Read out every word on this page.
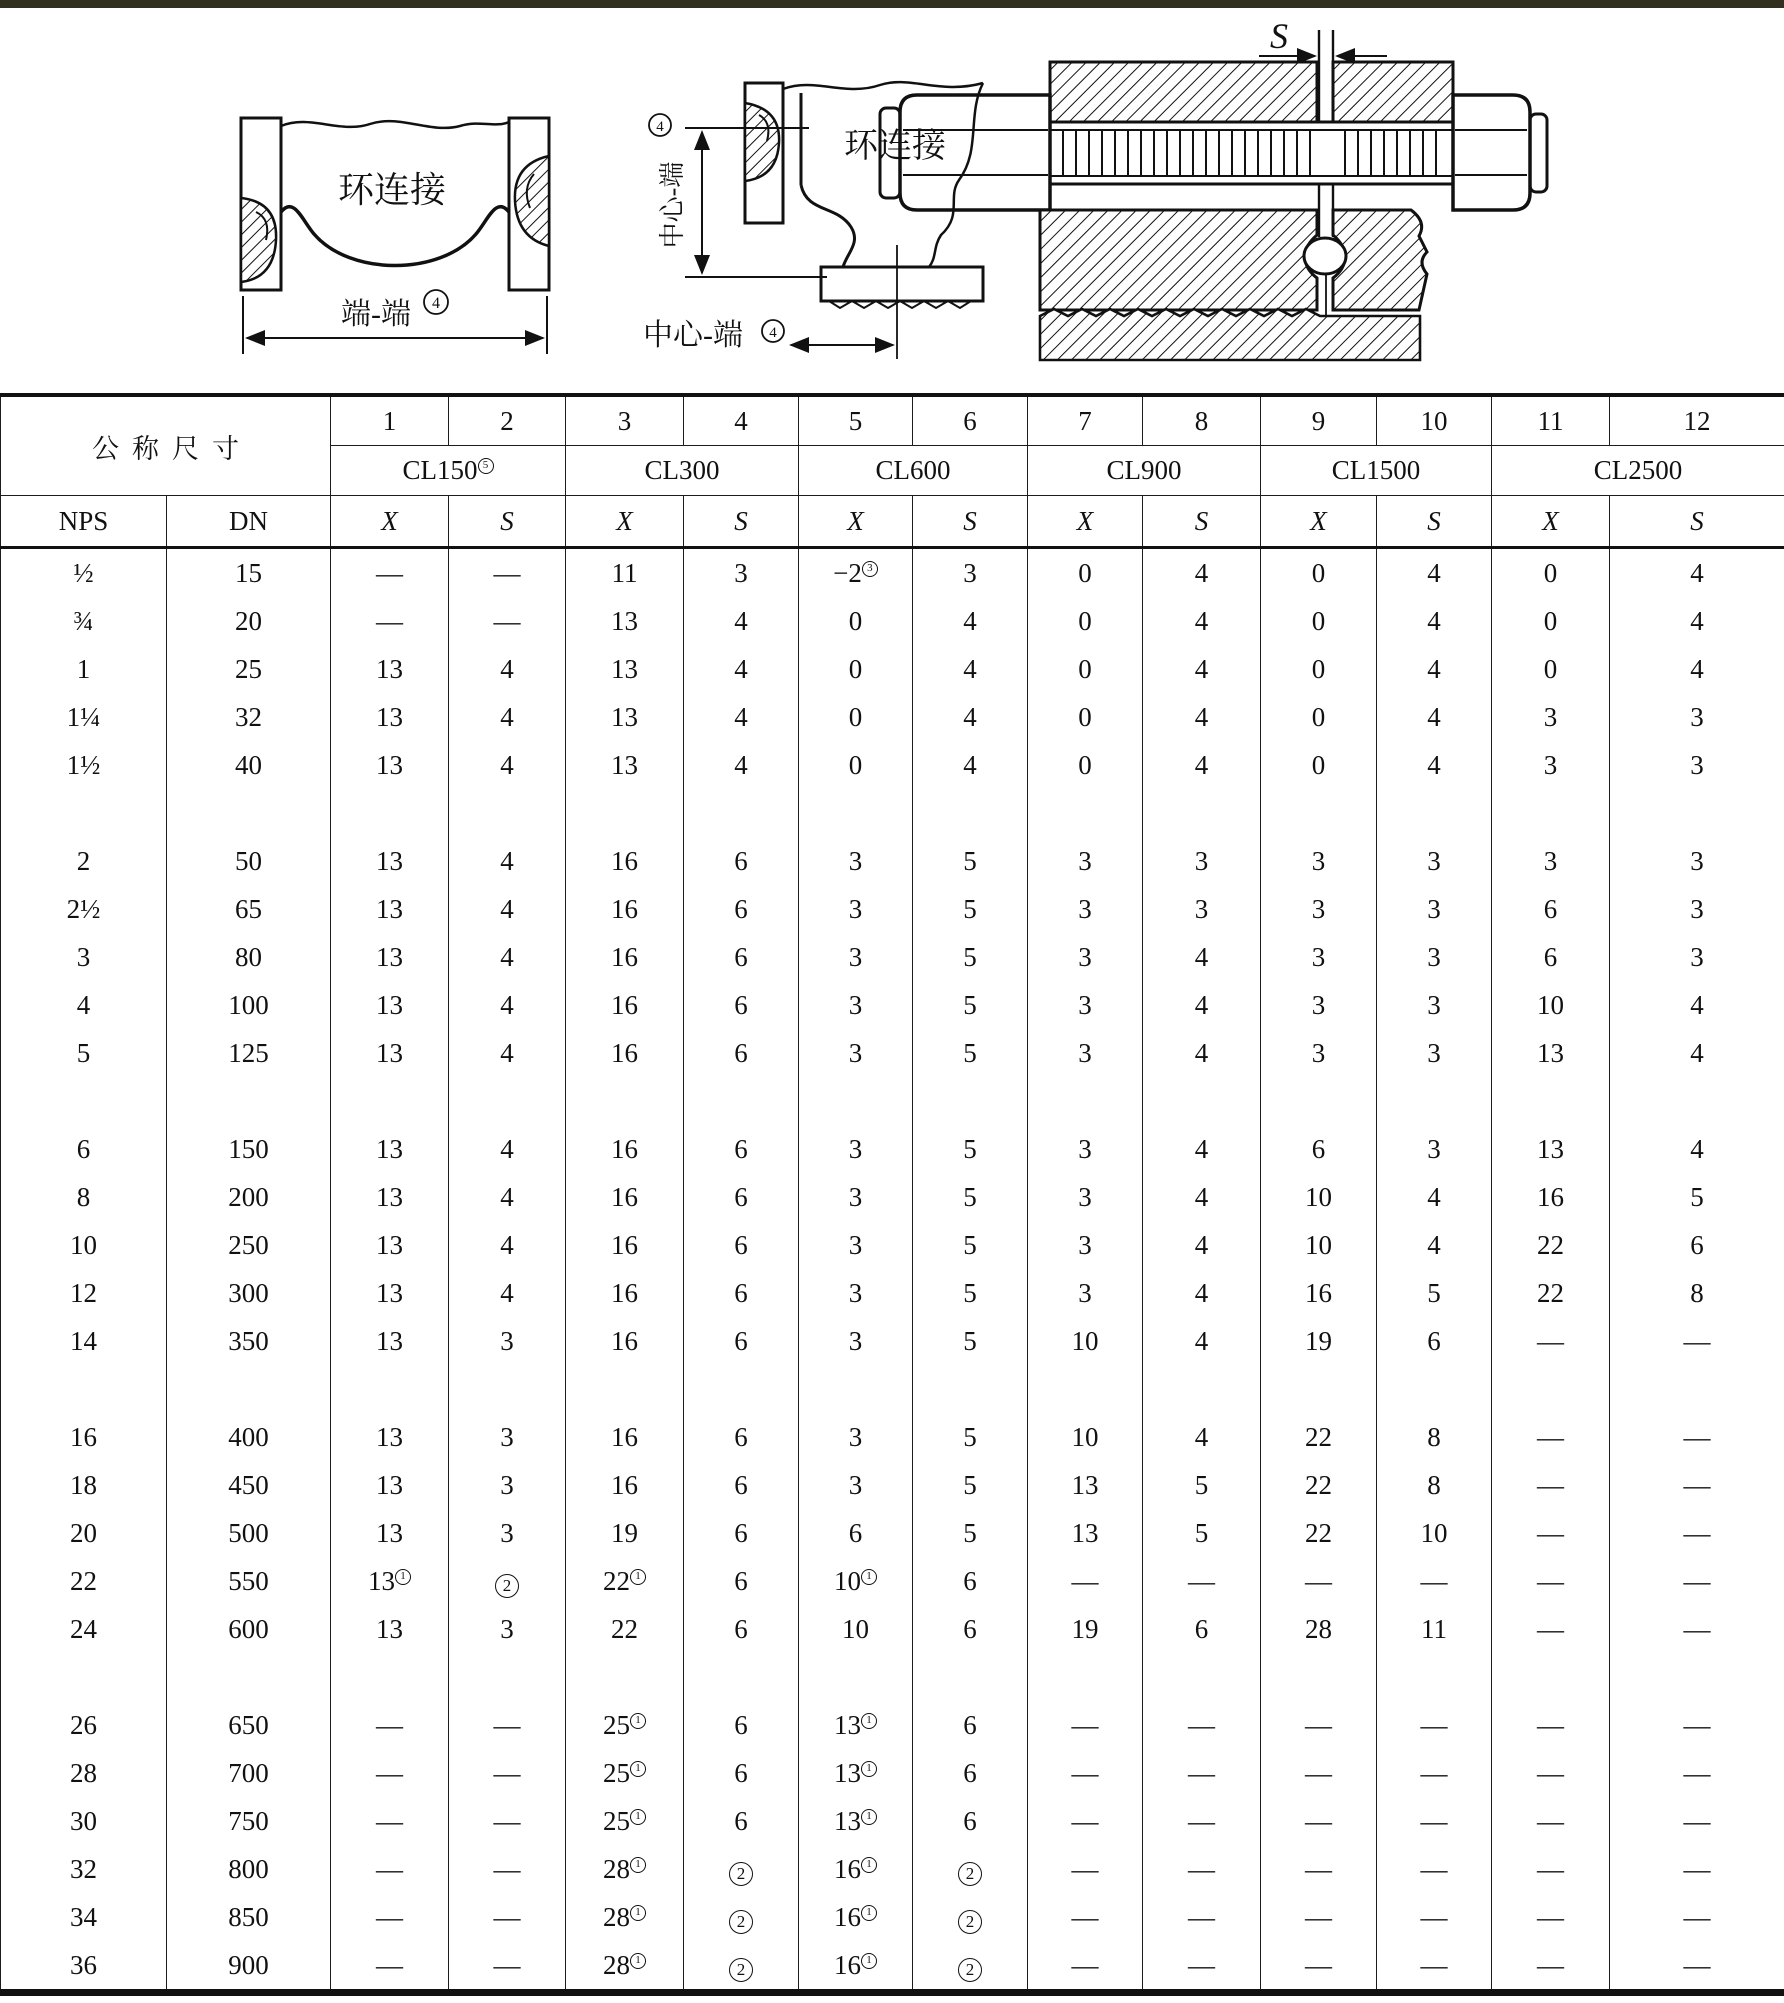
环连接
端-端 4
环连接
4
中心-端
中心-端 4
S
公称尺寸		1	2	3	4	5	6	7	8	9	10	11	12
		CL150 $^5$		CL300		CL600		CL900		CL1500		CL2500	
NPS	DN	X	S	X	S	X	S	X	S	X	S	X	S
½	15	—	—	11	3	−2 $^3$	3	0	4	0	4	0	4
¾	20	—	—	13	4	0	4	0	4	0	4	0	4
1	25	13	4	13	4	0	4	0	4	0	4	0	4
1¼	32	13	4	13	4	0	4	0	4	0	4	3	3
1½	40	13	4	13	4	0	4	0	4	0	4	3	3

2	50	13	4	16	6	3	5	3	3	3	3	3	3
2½	65	13	4	16	6	3	5	3	3	3	3	6	3
3	80	13	4	16	6	3	5	3	4	3	3	6	3
4	100	13	4	16	6	3	5	3	4	3	3	10	4
5	125	13	4	16	6	3	5	3	4	3	3	13	4

6	150	13	4	16	6	3	5	3	4	6	3	13	4
8	200	13	4	16	6	3	5	3	4	10	4	16	5
10	250	13	4	16	6	3	5	3	4	10	4	22	6
12	300	13	4	16	6	3	5	3	4	16	5	22	8
14	350	13	3	16	6	3	5	10	4	19	6	—	—

16	400	13	3	16	6	3	5	10	4	22	8	—	—
18	450	13	3	16	6	3	5	13	5	22	8	—	—
20	500	13	3	19	6	6	5	13	5	22	10	—	—
22	550	13 $^1$	2	22 $^1$	6	10 $^1$	6	—	—	—	—	—	—
24	600	13	3	22	6	10	6	19	6	28	11	—	—

26	650	—	—	25 $^1$	6	13 $^1$	6	—	—	—	—	—	—
28	700	—	—	25 $^1$	6	13 $^1$	6	—	—	—	—	—	—
30	750	—	—	25 $^1$	6	13 $^1$	6	—	—	—	—	—	—
32	800	—	—	28 $^1$	2	16 $^1$	2	—	—	—	—	—	—
34	850	—	—	28 $^1$	2	16 $^1$	2	—	—	—	—	—	—
36	900	—	—	28 $^1$	2	16 $^1$	2	—	—	—	—	—	—
